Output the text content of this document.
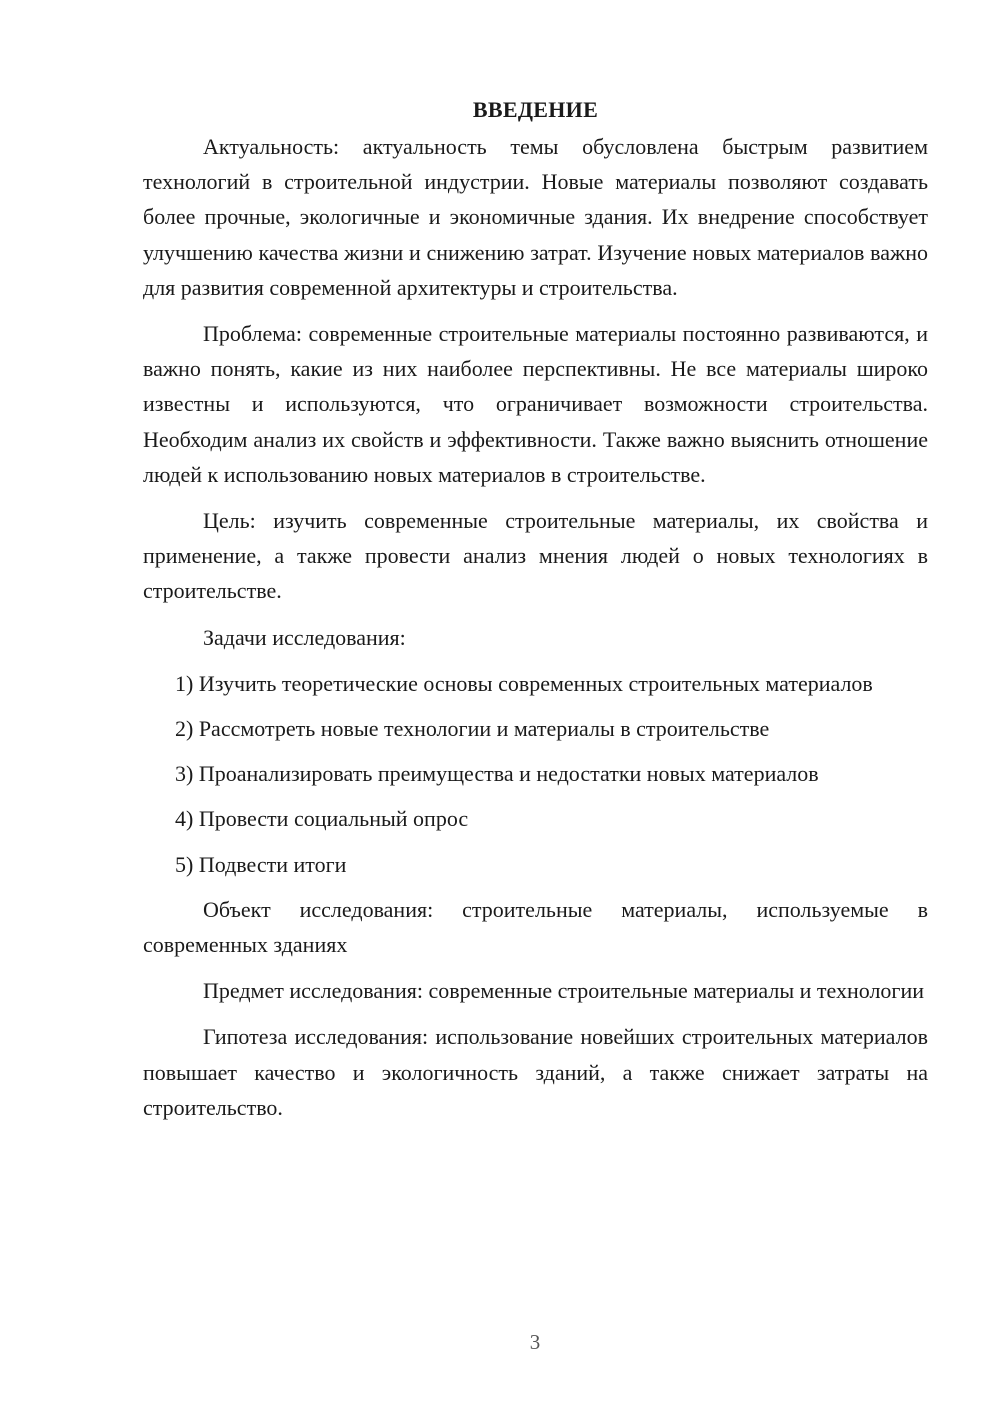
ВВЕДЕНИЕ

Актуальность: актуальность темы обусловлена быстрым развитием технологий в строительной индустрии. Новые материалы позволяют создавать более прочные, экологичные и экономичные здания. Их внедрение способствует улучшению качества жизни и снижению затрат. Изучение новых материалов важно для развития современной архитектуры и строительства.

Проблема: современные строительные материалы постоянно развиваются, и важно понять, какие из них наиболее перспективны. Не все материалы широко известны и используются, что ограничивает возможности строительства. Необходим анализ их свойств и эффективности. Также важно выяснить отношение людей к использованию новых материалов в строительстве.

Цель: изучить современные строительные материалы, их свойства и применение, а также провести анализ мнения людей о новых технологиях в строительстве.

Задачи исследования:

1) Изучить теоретические основы современных строительных материалов

2) Рассмотреть новые технологии и материалы в строительстве

3) Проанализировать преимущества и недостатки новых материалов

4) Провести социальный опрос

5) Подвести итоги

Объект исследования: строительные материалы, используемые в современных зданиях

Предмет исследования: современные строительные материалы и технологии

Гипотеза исследования: использование новейших строительных материалов повышает качество и экологичность зданий, а также снижает затраты на строительство.

3
